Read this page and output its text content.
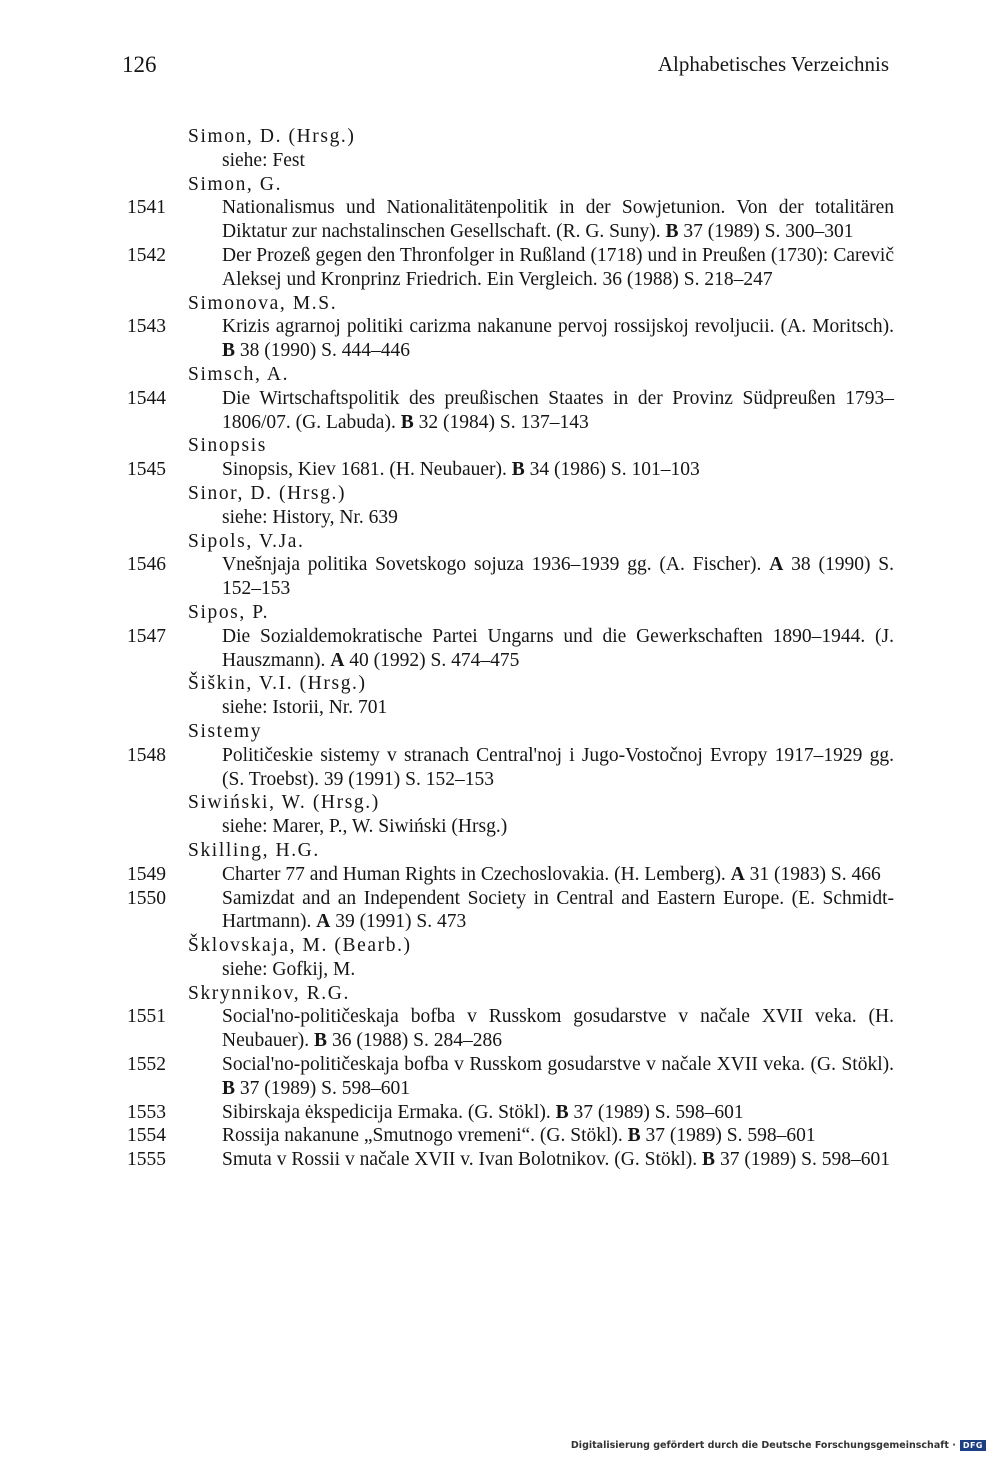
126	Alphabetisches Verzeichnis
Simon, D. (Hrsg.)
siehe: Fest
Simon, G.
1541	Nationalismus und Nationalitätenpolitik in der Sowjetunion. Von der totalitären Diktatur zur nachstalinschen Gesellschaft. (R. G. Suny). B 37 (1989) S. 300–301
1542	Der Prozeß gegen den Thronfolger in Rußland (1718) und in Preußen (1730): Carevič Aleksej und Kronprinz Friedrich. Ein Vergleich. 36 (1988) S. 218–247
Simonova, M.S.
1543	Krizis agrarnoj politiki carizma nakanune pervoj rossijskoj revoljucii. (A. Moritsch). B 38 (1990) S. 444–446
Simsch, A.
1544	Die Wirtschaftspolitik des preußischen Staates in der Provinz Südpreußen 1793–1806/07. (G. Labuda). B 32 (1984) S. 137–143
Sinopsis
1545	Sinopsis, Kiev 1681. (H. Neubauer). B 34 (1986) S. 101–103
Sinor, D. (Hrsg.)
siehe: History, Nr. 639
Sipols, V.Ja.
1546	Vnešnjaja politika Sovetskogo sojuza 1936–1939 gg. (A. Fischer). A 38 (1990) S. 152–153
Sipos, P.
1547	Die Sozialdemokratische Partei Ungarns und die Gewerkschaften 1890–1944. (J. Hauszmann). A 40 (1992) S. 474–475
Šiškin, V.I. (Hrsg.)
siehe: Istorii, Nr. 701
Sistemy
1548	Političeskie sistemy v stranach Central'noj i Jugo-Vostočnoj Evropy 1917–1929 gg. (S. Troebst). 39 (1991) S. 152–153
Siwiński, W. (Hrsg.)
siehe: Marer, P., W. Siwiński (Hrsg.)
Skilling, H.G.
1549	Charter 77 and Human Rights in Czechoslovakia. (H. Lemberg). A 31 (1983) S. 466
1550	Samizdat and an Independent Society in Central and Eastern Europe. (E. Schmidt-Hartmann). A 39 (1991) S. 473
Šklovskaja, M. (Bearb.)
siehe: Gofkij, M.
Skrynnikov, R.G.
1551	Social'no-političeskaja bofba v Russkom gosudarstve v načale XVII veka. (H. Neubauer). B 36 (1988) S. 284–286
1552	Social'no-političeskaja bofba v Russkom gosudarstve v načale XVII veka. (G. Stökl). B 37 (1989) S. 598–601
1553	Sibirskaja ėkspedicija Ermaka. (G. Stökl). B 37 (1989) S. 598–601
1554	Rossija nakanune „Smutnogo vremeni“. (G. Stökl). B 37 (1989) S. 598–601
1555	Smuta v Rossii v načale XVII v. Ivan Bolotnikov. (G. Stökl). B 37 (1989) S. 598–601
Digitalisierung gefördert durch die Deutsche Forschungsgemeinschaft · DFG
